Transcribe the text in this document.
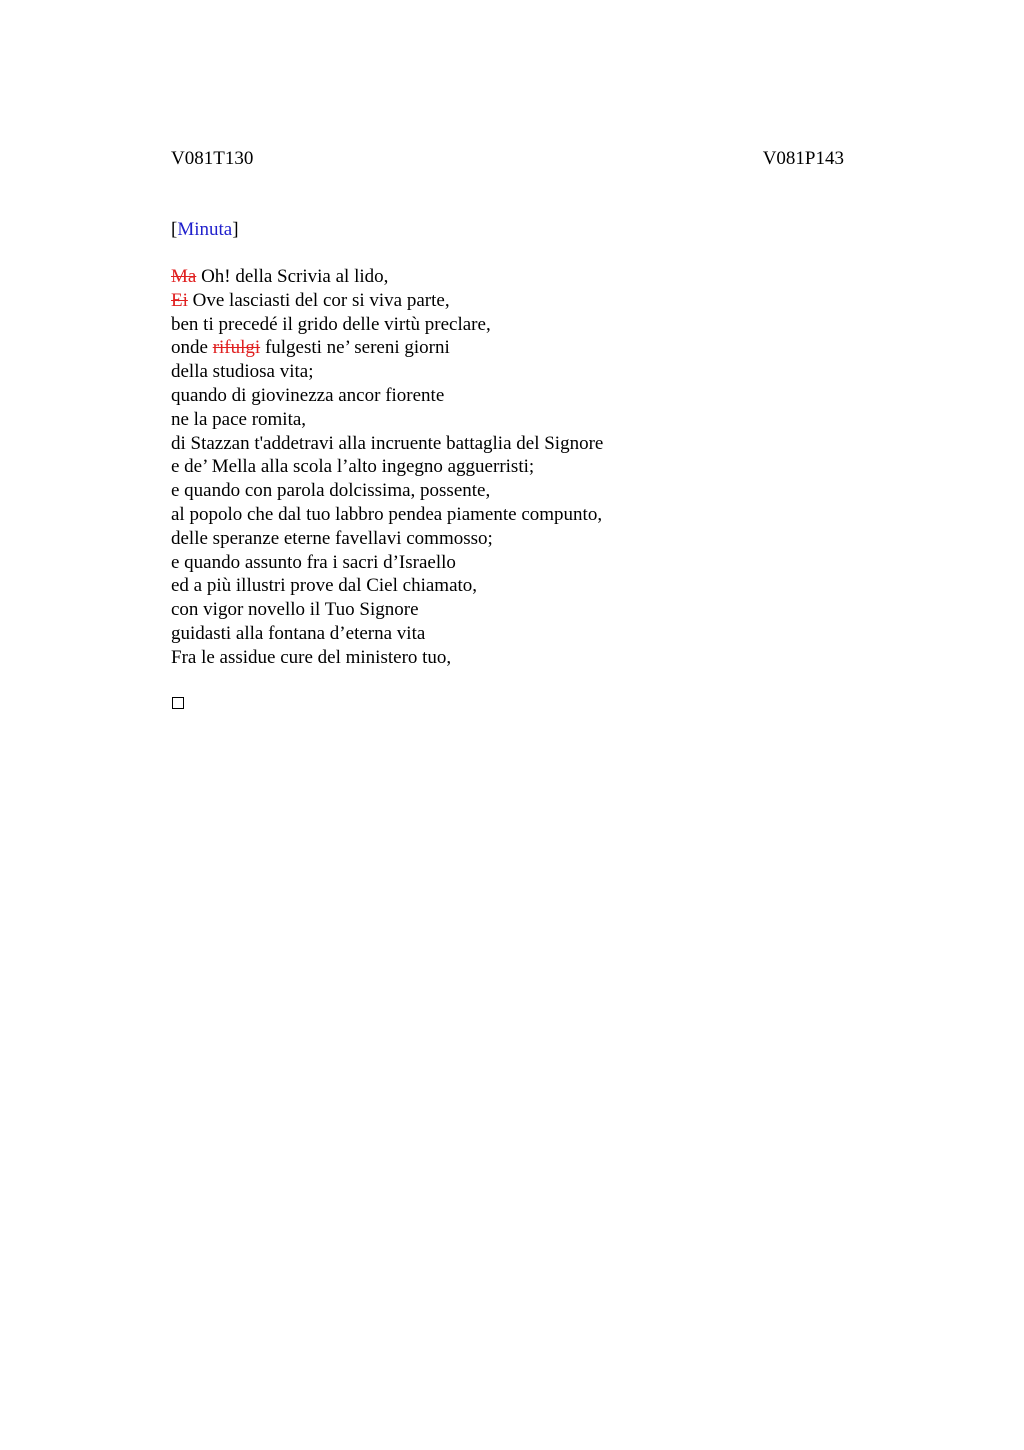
V081T130	V081P143
[Minuta]
Ma Oh! della Scrivia al lido,
Ei Ove lasciasti del cor si viva parte,
ben ti precedé il grido delle virtù preclare,
onde rifulgi fulgesti ne’ sereni giorni
della studiosa vita;
quando di giovinezza ancor fiorente
ne la pace romita,
di Stazzan t'addetravi alla incruente battaglia del Signore
e de’ Mella alla scola l’alto ingegno agguerristi;
e quando con parola dolcissima, possente,
al popolo che dal tuo labbro pendea piamente compunto,
delle speranze eterne favellavi commosso;
e quando assunto fra i sacri d’Israello
ed a più illustri prove dal Ciel chiamato,
con vigor novello il Tuo Signore
guidasti alla fontana d’eterna vita
Fra le assidue cure del ministero tuo,
